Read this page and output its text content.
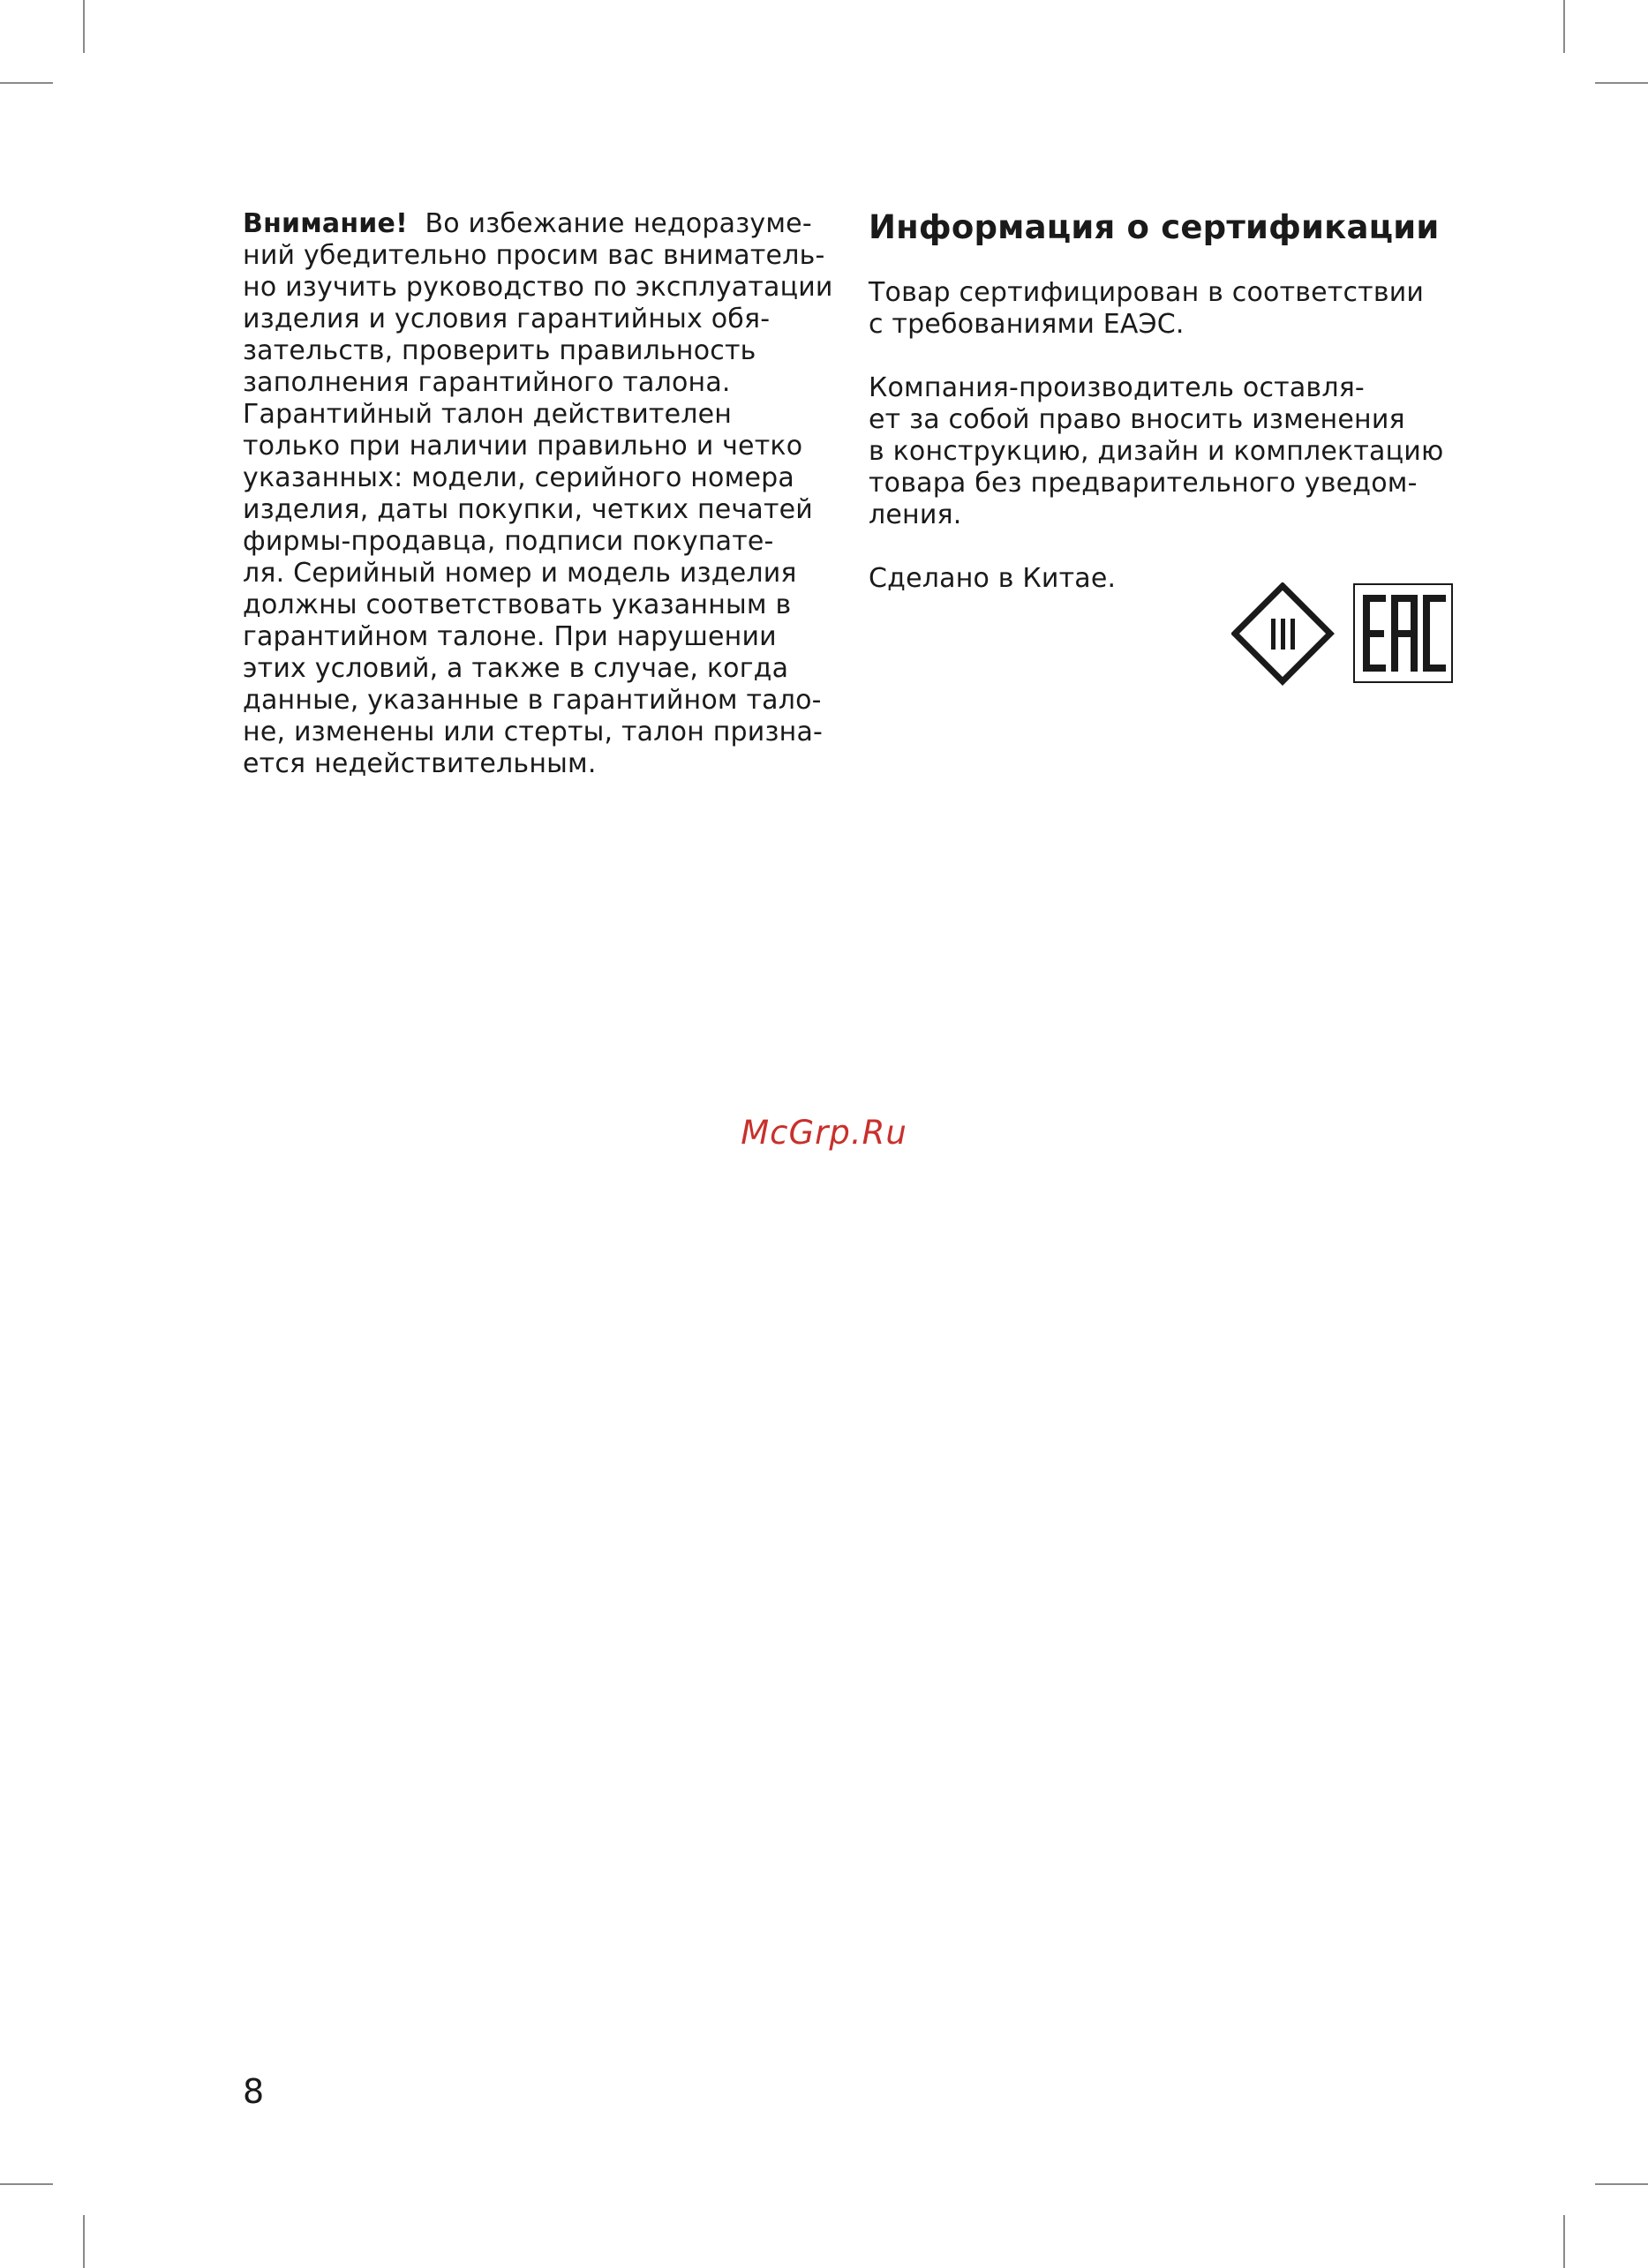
Внимание! Во избежание недоразуме-
ний убедительно просим вас вниматель-
но изучить руководство по эксплуатации
изделия и условия гарантийных обя-
зательств, проверить правильность
заполнения гарантийного талона.
Гарантийный талон действителен
только при наличии правильно и четко
указанных: модели, серийного номера
изделия, даты покупки, четких печатей
фирмы-продавца, подписи покупате-
ля. Серийный номер и модель изделия
должны соответствовать указанным в
гарантийном талоне. При нарушении
этих условий, а также в случае, когда
данные, указанные в гарантийном тало-
не, изменены или стерты, талон призна-
ется недействительным.
Информация о сертификации
Товар сертифицирован в соответствии
с требованиями ЕАЭС.
Компания-производитель оставля-
ет за собой право вносить изменения
в конструкцию, дизайн и комплектацию
товара без предварительного уведом-
ления.
Сделано в Китае.
McGrp.Ru
8
